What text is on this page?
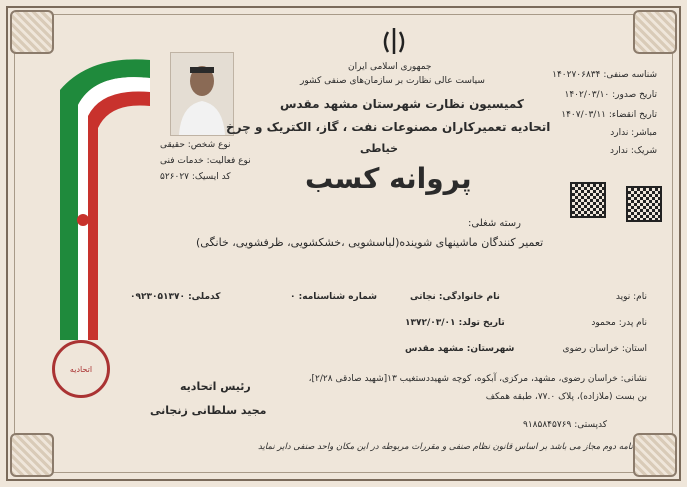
جمهوری اسلامی ایران
سیاست عالی نظارت بر سازمان‌های صنفی کشور
کمیسیون نظارت شهرستان مشهد مقدس
اتحادیه تعمیرکاران مصنوعات نفت ، گاز، الکتریک و چرخ
خیاطی
پروانه کسب
شناسه صنفی: ۱۴۰۲۷۰۶۸۳۴
تاریخ صدور: ۱۴۰۲/۰۳/۱۰
تاریخ انقضاء: ۱۴۰۷/۰۳/۱۱
مباشر: ندارد
شریک: ندارد
نوع شخص: حقیقی
نوع فعالیت: خدمات فنی
کد ایسیک: ۵۲۶۰۲۷
رسته شغلی:
تعمیر کنندگان ماشینهای شوینده(لباسشویی ،خشکشویی، ظرفشویی، خانگی)
نام: نوید
نام خانوادگی: نجاتی
شماره شناسنامه: ۰
کدملی: ۰۹۲۳۰۵۱۳۷۰
نام پدر: محمود
تاریخ تولد: ۱۳۷۲/۰۳/۰۱
استان: خراسان رضوی
شهرستان: مشهد مقدس
نشانی: خراسان رضوی، مشهد، مرکزی، آبکوه، کوچه شهیددستغیب ۱۳[شهید صادقی ۲/۲۸]،
بن بست (ملازاده)، پلاک ۷۷.۰، طبقه همکف
کدپستی: ۹۱۸۵۸۴۵۷۶۹
نامه دوم مجاز می باشد بر اساس قانون نظام صنفی و مقررات مربوطه در این مکان واحد صنفی دایر نماید
رئیس اتحادیه
مجید سلطانی زنجانی
اتحادیه
